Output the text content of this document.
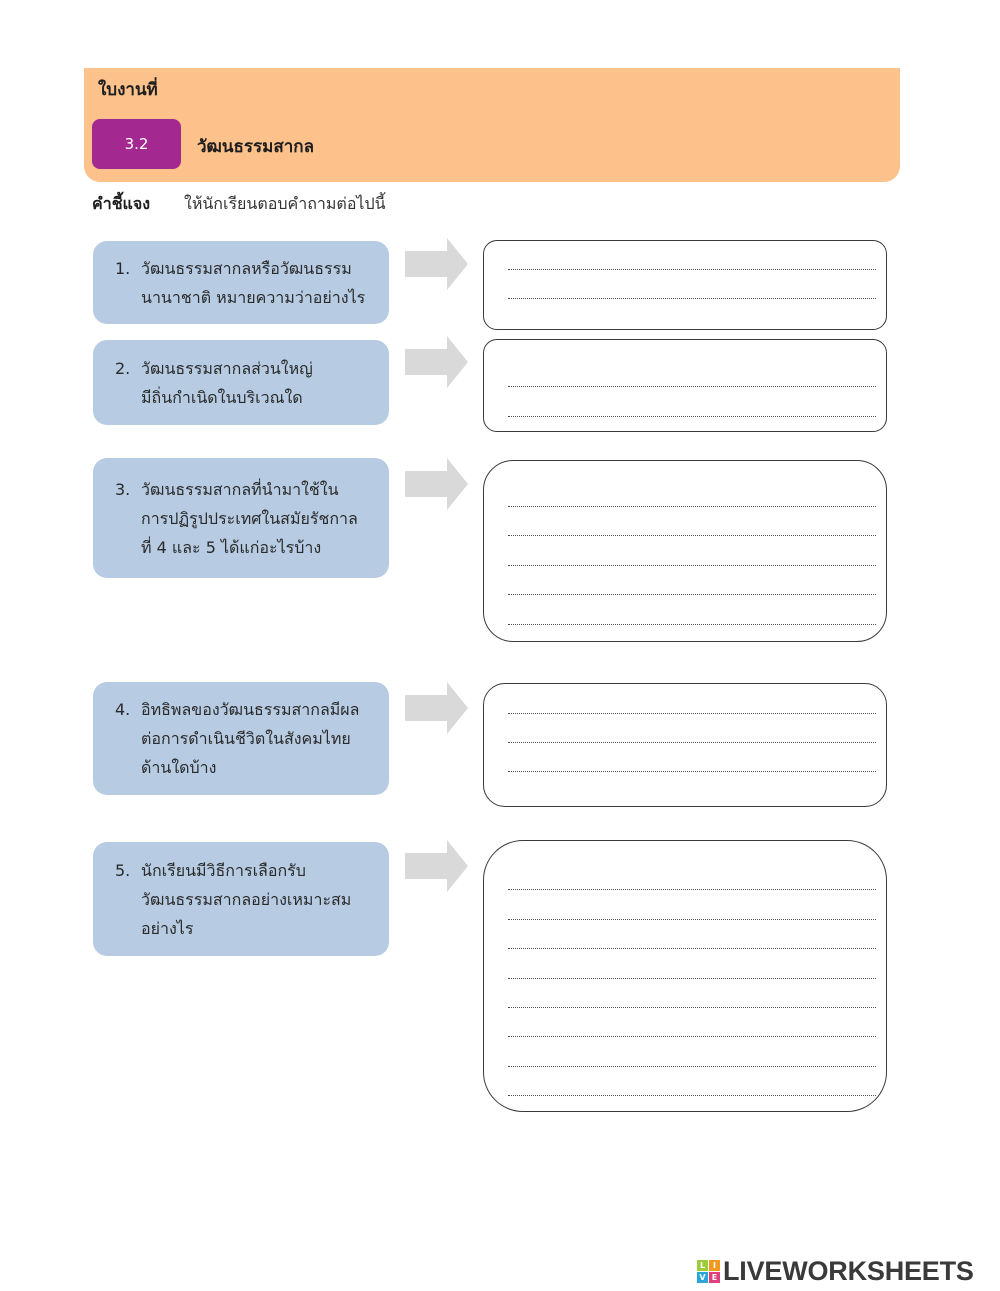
ใบงานที่
3.2	วัฒนธรรมสากล
คำชี้แจง ให้นักเรียนตอบคำถามต่อไปนี้
1. วัฒนธรรมสากลหรือวัฒนธรรม
นานาชาติ หมายความว่าอย่างไร
2. วัฒนธรรมสากลส่วนใหญ่
มีถิ่นกำเนิดในบริเวณใด
3. วัฒนธรรมสากลที่นำมาใช้ใน
การปฏิรูปประเทศในสมัยรัชกาล
ที่ 4 และ 5 ได้แก่อะไรบ้าง
4. อิทธิพลของวัฒนธรรมสากลมีผล
ต่อการดำเนินชีวิตในสังคมไทย
ด้านใดบ้าง
5. นักเรียนมีวิธีการเลือกรับ
วัฒนธรรมสากลอย่างเหมาะสม
อย่างไร
L I
V E LIVEWORKSHEETS
